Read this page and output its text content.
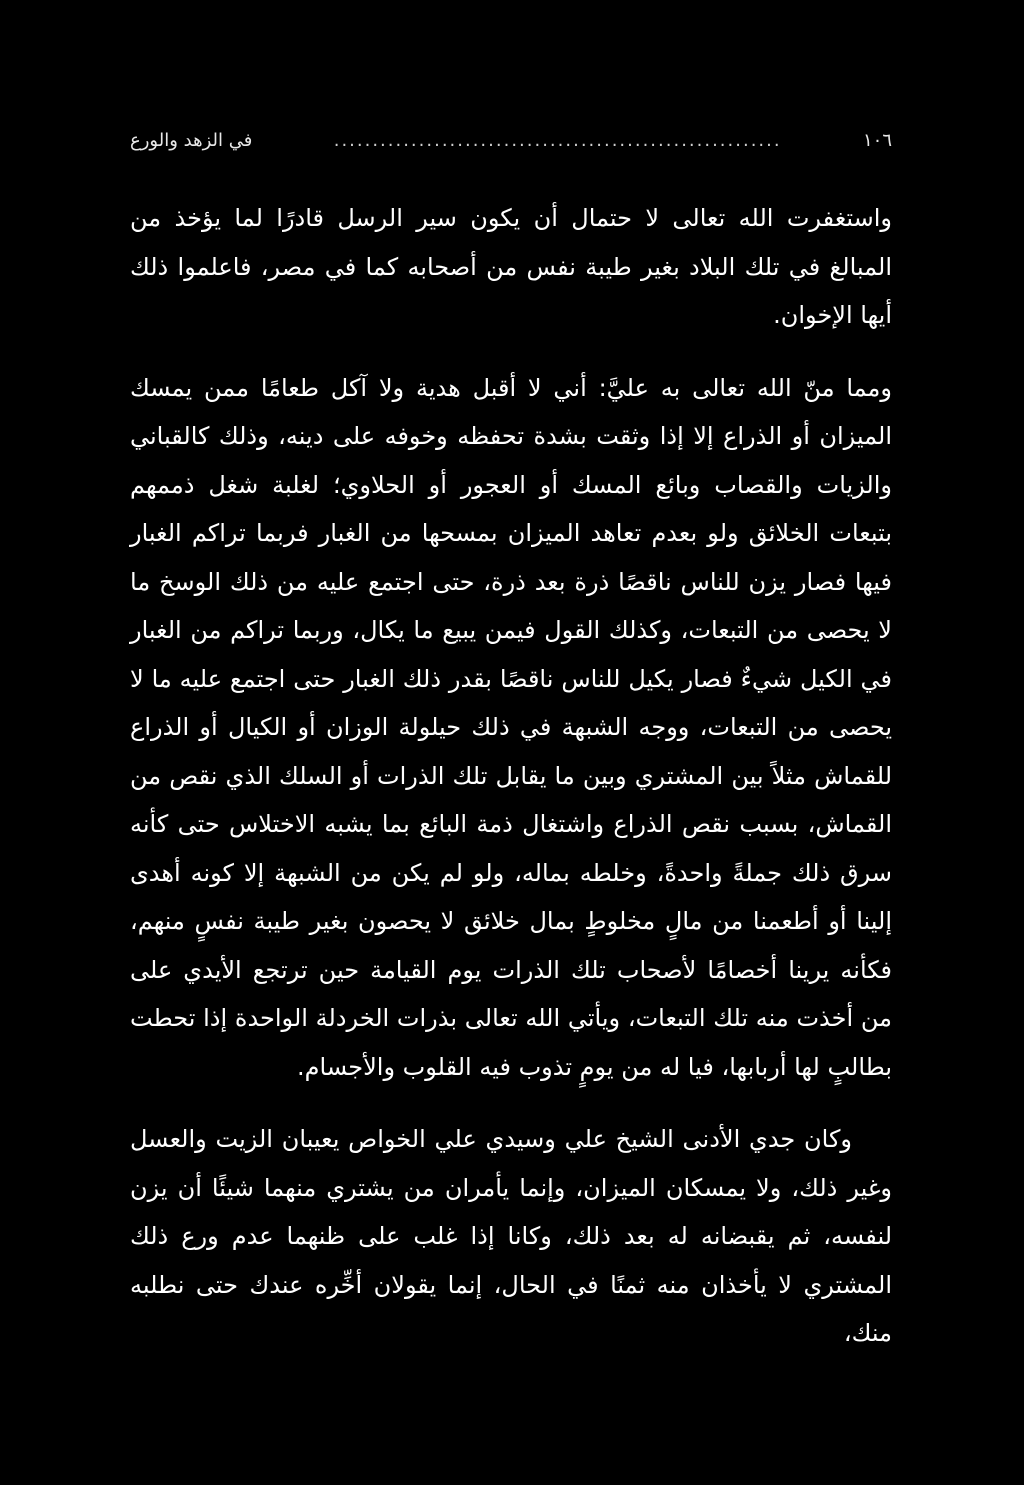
١٠٦
..........................................................
في الزهد والورع

واستغفرت الله تعالى لا حتمال أن يكون سير الرسل قادرًا لما يؤخذ من المبالغ في تلك البلاد بغير طيبة نفس من أصحابه كما في مصر، فاعلموا ذلك أيها الإخوان.

ومما منّ الله تعالى به عليَّ: أني لا أقبل هدية ولا آكل طعامًا ممن يمسك الميزان أو الذراع إلا إذا وثقت بشدة تحفظه وخوفه على دينه، وذلك كالقباني والزيات والقصاب وبائع المسك أو العجور أو الحلاوي؛ لغلبة شغل ذممهم بتبعات الخلائق ولو بعدم تعاهد الميزان بمسحها من الغبار فربما تراكم الغبار فيها فصار يزن للناس ناقصًا ذرة بعد ذرة، حتى اجتمع عليه من ذلك الوسخ ما لا يحصى من التبعات، وكذلك القول فيمن يبيع ما يكال، وربما تراكم من الغبار في الكيل شيءٌ فصار يكيل للناس ناقصًا بقدر ذلك الغبار حتى اجتمع عليه ما لا يحصى من التبعات، ووجه الشبهة في ذلك حيلولة الوزان أو الكيال أو الذراع للقماش مثلاً بين المشتري وبين ما يقابل تلك الذرات أو السلك الذي نقص من القماش، بسبب نقص الذراع واشتغال ذمة البائع بما يشبه الاختلاس حتى كأنه سرق ذلك جملةً واحدةً، وخلطه بماله، ولو لم يكن من الشبهة إلا كونه أهدى إلينا أو أطعمنا من مالٍ مخلوطٍ بمال خلائق لا يحصون بغير طيبة نفسٍ منهم، فكأنه يرينا أخصامًا لأصحاب تلك الذرات يوم القيامة حين ترتجع الأيدي على من أخذت منه تلك التبعات، ويأتي الله تعالى بذرات الخردلة الواحدة إذا تحطت بطالبٍ لها أربابها، فيا له من يومٍ تذوب فيه القلوب والأجسام.

وكان جدي الأدنى الشيخ علي وسيدي علي الخواص يعيبان الزيت والعسل وغير ذلك، ولا يمسكان الميزان، وإنما يأمران من يشتري منهما شيئًا أن يزن لنفسه، ثم يقبضانه له بعد ذلك، وكانا إذا غلب على ظنهما عدم ورع ذلك المشتري لا يأخذان منه ثمنًا في الحال، إنما يقولان أخِّره عندك حتى نطلبه منك،
